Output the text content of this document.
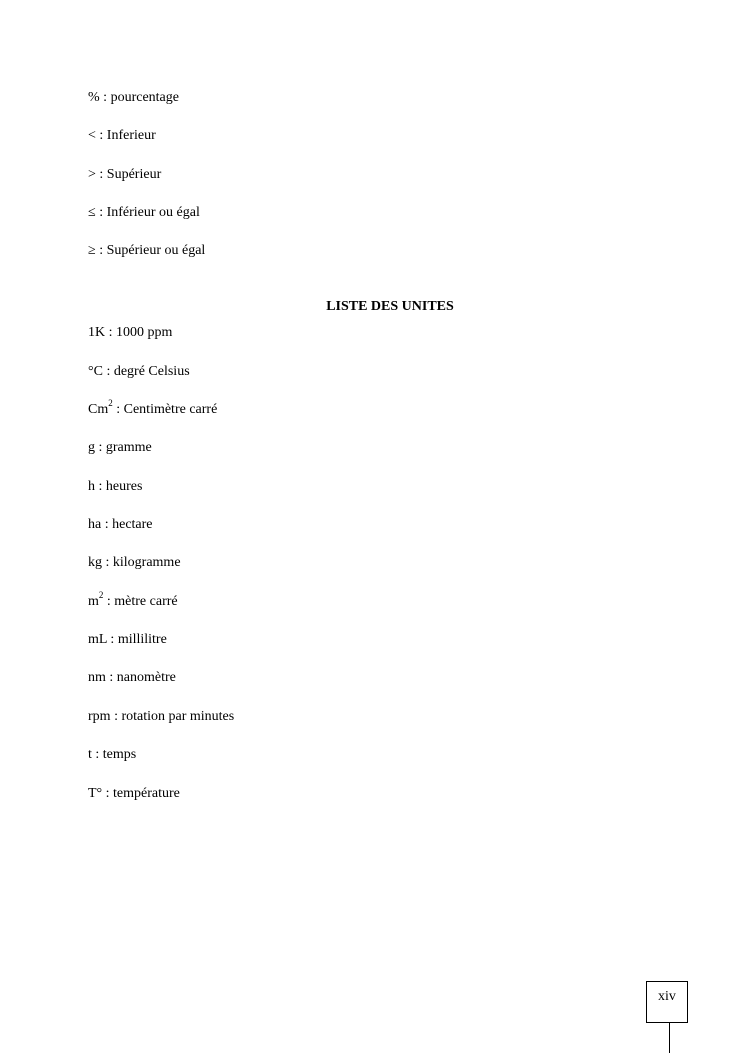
% : pourcentage
< : Inferieur
> : Supérieur
≤ : Inférieur ou égal
≥ : Supérieur ou égal
LISTE DES UNITES
1K : 1000 ppm
°C : degré Celsius
Cm$^2$ : Centimètre carré
g : gramme
h : heures
ha : hectare
kg : kilogramme
$m^2$ : mètre carré
mL : millilitre
nm : nanomètre
rpm : rotation par minutes
t : temps
T° : température
xiv
